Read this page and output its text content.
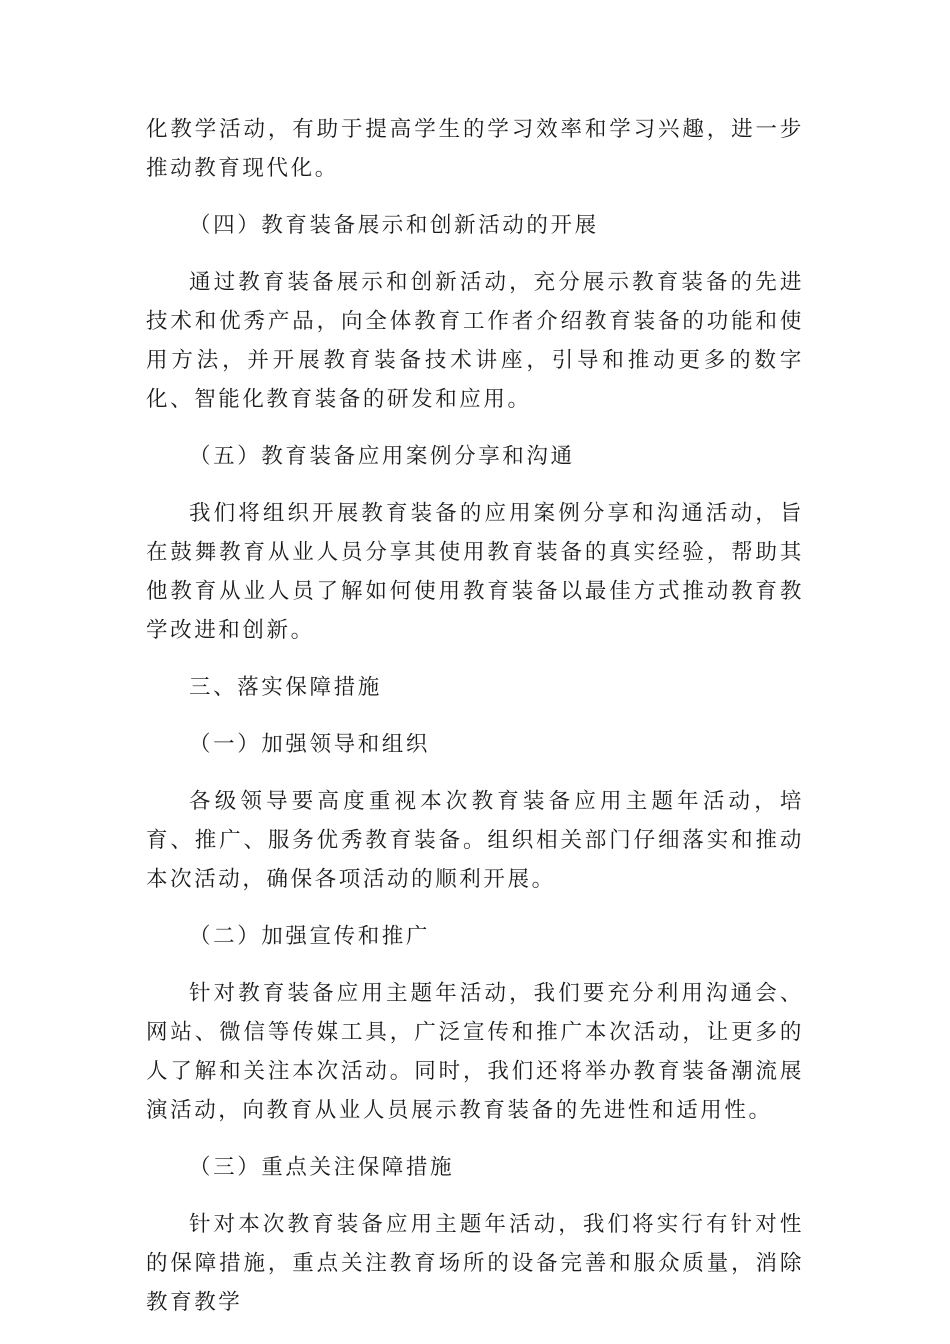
化教学活动，有助于提高学生的学习效率和学习兴趣，进一步推动教育现代化。

（四）教育装备展示和创新活动的开展

通过教育装备展示和创新活动，充分展示教育装备的先进技术和优秀产品，向全体教育工作者介绍教育装备的功能和使用方法，并开展教育装备技术讲座，引导和推动更多的数字化、智能化教育装备的研发和应用。

（五）教育装备应用案例分享和沟通

我们将组织开展教育装备的应用案例分享和沟通活动，旨在鼓舞教育从业人员分享其使用教育装备的真实经验，帮助其他教育从业人员了解如何使用教育装备以最佳方式推动教育教学改进和创新。

三、落实保障措施

（一）加强领导和组织

各级领导要高度重视本次教育装备应用主题年活动，培育、推广、服务优秀教育装备。组织相关部门仔细落实和推动本次活动，确保各项活动的顺利开展。

（二）加强宣传和推广

针对教育装备应用主题年活动，我们要充分利用沟通会、网站、微信等传媒工具，广泛宣传和推广本次活动，让更多的人了解和关注本次活动。同时，我们还将举办教育装备潮流展演活动，向教育从业人员展示教育装备的先进性和适用性。

（三）重点关注保障措施

针对本次教育装备应用主题年活动，我们将实行有针对性的保障措施，重点关注教育场所的设备完善和服众质量，消除教育教学
